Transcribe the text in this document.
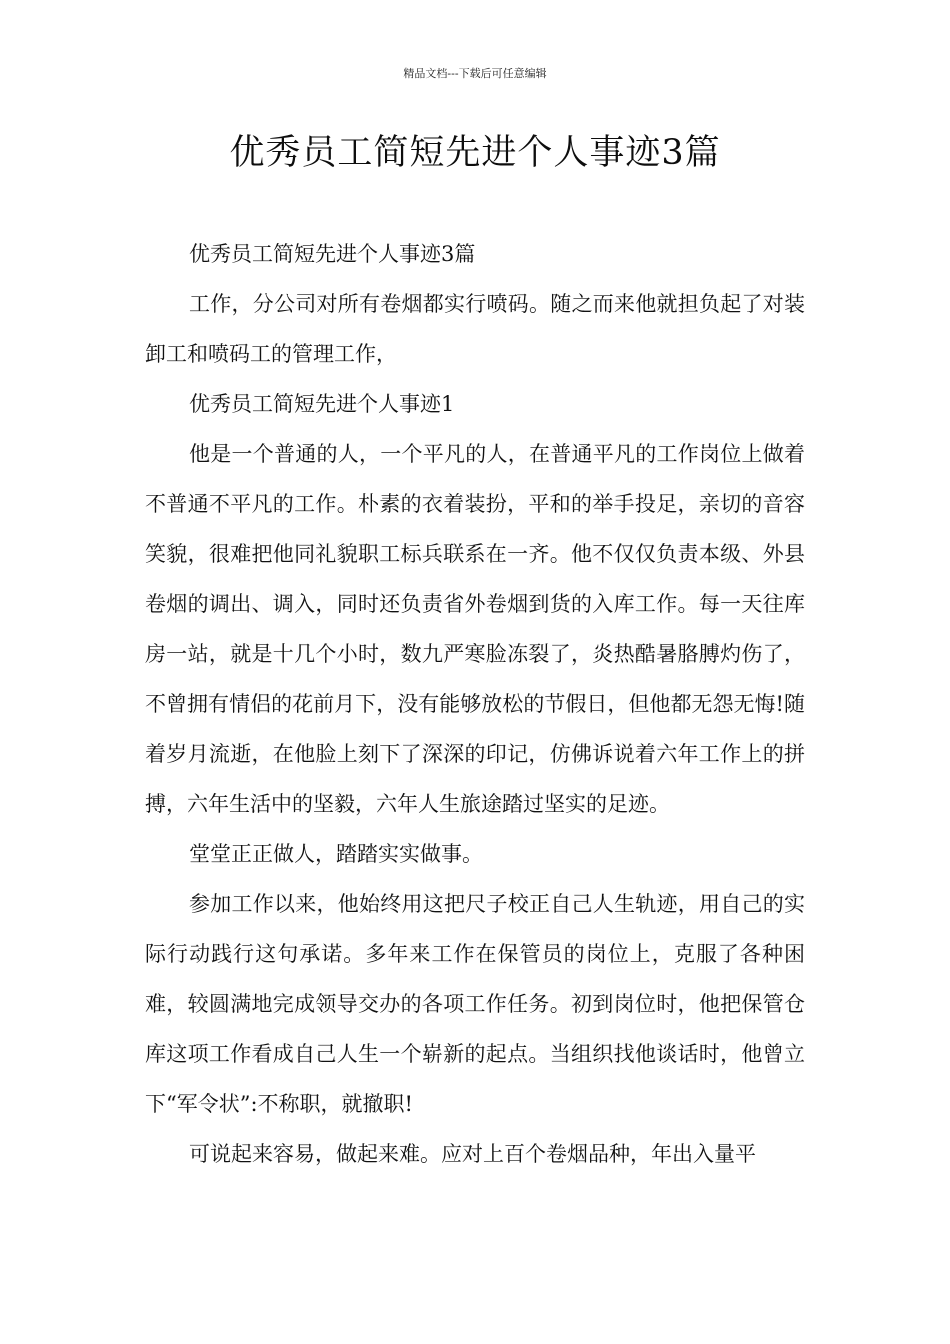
精品文档---下载后可任意编辑
优秀员工简短先进个人事迹3篇

优秀员工简短先进个人事迹3篇

工作，分公司对所有卷烟都实行喷码。随之而来他就担负起了对装卸工和喷码工的管理工作，

优秀员工简短先进个人事迹1

他是一个普通的人，一个平凡的人，在普通平凡的工作岗位上做着不普通不平凡的工作。朴素的衣着装扮，平和的举手投足，亲切的音容笑貌，很难把他同礼貌职工标兵联系在一齐。他不仅仅负责本级、外县卷烟的调出、调入，同时还负责省外卷烟到货的入库工作。每一天往库房一站，就是十几个小时，数九严寒脸冻裂了，炎热酷暑胳膊灼伤了，不曾拥有情侣的花前月下，没有能够放松的节假日，但他都无怨无悔!随着岁月流逝，在他脸上刻下了深深的印记，仿佛诉说着六年工作上的拼搏，六年生活中的坚毅，六年人生旅途踏过坚实的足迹。

堂堂正正做人，踏踏实实做事。

参加工作以来，他始终用这把尺子校正自己人生轨迹，用自己的实际行动践行这句承诺。多年来工作在保管员的岗位上，克服了各种困难，较圆满地完成领导交办的各项工作任务。初到岗位时，他把保管仓库这项工作看成自己人生一个崭新的起点。当组织找他谈话时，他曾立下“军令状”:不称职，就撤职!

可说起来容易，做起来难。应对上百个卷烟品种，年出入量平
